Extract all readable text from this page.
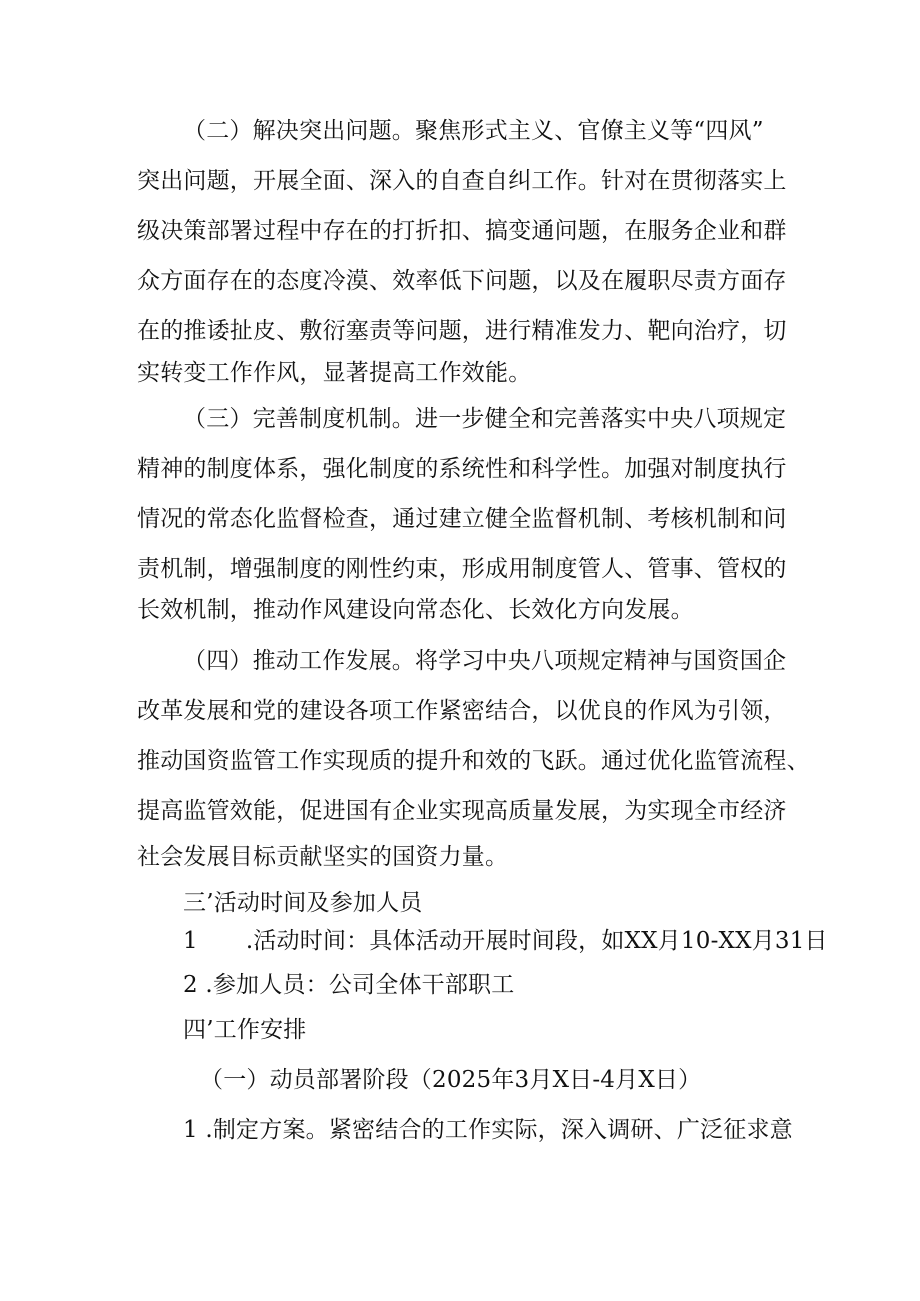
（二）解决突出问题。聚焦形式主义、官僚主义等“四风”
突出问题，开展全面、深入的自查自纠工作。针对在贯彻落实上
级决策部署过程中存在的打折扣、搞变通问题，在服务企业和群
众方面存在的态度冷漠、效率低下问题，以及在履职尽责方面存
在的推诿扯皮、敷衍塞责等问题，进行精准发力、靶向治疗，切
实转变工作作风，显著提高工作效能。
（三）完善制度机制。进一步健全和完善落实中央八项规定
精神的制度体系，强化制度的系统性和科学性。加强对制度执行
情况的常态化监督检查，通过建立健全监督机制、考核机制和问
责机制，增强制度的刚性约束，形成用制度管人、管事、管权的
长效机制，推动作风建设向常态化、长效化方向发展。
（四）推动工作发展。将学习中央八项规定精神与国资国企
改革发展和党的建设各项工作紧密结合，以优良的作风为引领，
推动国资监管工作实现质的提升和效的飞跃。通过优化监管流程、
提高监管效能，促进国有企业实现高质量发展，为实现全市经济
社会发展目标贡献坚实的国资力量。
三’活动时间及参加人员
1 .活动时间：具体活动开展时间段，如XX月10-XX月31日
2 .参加人员：公司全体干部职工
四’工作安排
（一）动员部署阶段（2025年3月X日-4月X日）
1 .制定方案。紧密结合的工作实际，深入调研、广泛征求意
